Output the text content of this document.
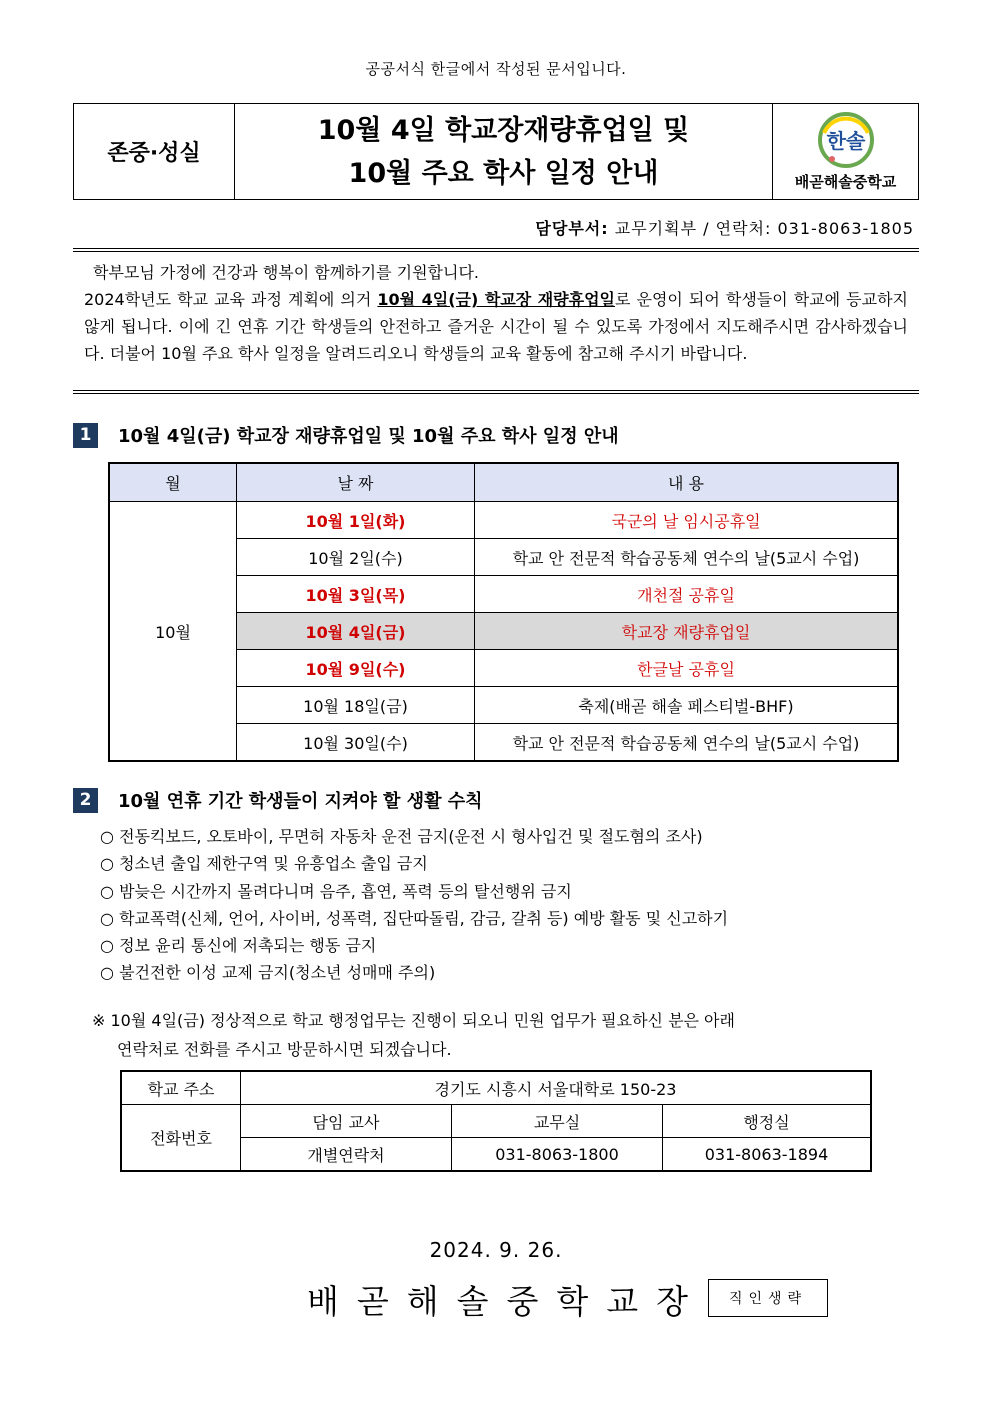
공공서식 한글에서 작성된 문서입니다.
존중·성실
10월 4일 학교장재량휴업일 및
10월 주요 학사 일정 안내
한솔
배곧해솔중학교
담당부서: 교무기획부 / 연락처: 031-8063-1805

학부모님 가정에 건강과 행복이 함께하기를 기원합니다.

2024학년도 학교 교육 과정 계획에 의거 10월 4일(금) 학교장 재량휴업일로 운영이 되어 학생들이 학교에 등교하지 않게 됩니다. 이에 긴 연휴 기간 학생들의 안전하고 즐거운 시간이 될 수 있도록 가정에서 지도해주시면 감사하겠습니다. 더불어 10월 주요 학사 일정을 알려드리오니 학생들의 교육 활동에 참고해 주시기 바랍니다.

1	10월 4일(금) 학교장 재량휴업일 및 10월 주요 학사 일정 안내
월	날 짜	내 용
10월	10월 1일(화)	국군의 날 임시공휴일
	10월 2일(수)	학교 안 전문적 학습공동체 연수의 날(5교시 수업)
	10월 3일(목)	개천절 공휴일
	10월 4일(금)	학교장 재량휴업일
	10월 9일(수)	한글날 공휴일
	10월 18일(금)	축제(배곧 해솔 페스티벌-BHF)
	10월 30일(수)	학교 안 전문적 학습공동체 연수의 날(5교시 수업)
2	10월 연휴 기간 학생들이 지켜야 할 생활 수칙
○ 전동킥보드, 오토바이, 무면허 자동차 운전 금지(운전 시 형사입건 및 절도혐의 조사)
○ 청소년 출입 제한구역 및 유흥업소 출입 금지
○ 밤늦은 시간까지 몰려다니며 음주, 흡연, 폭력 등의 탈선행위 금지
○ 학교폭력(신체, 언어, 사이버, 성폭력, 집단따돌림, 감금, 갈취 등) 예방 활동 및 신고하기
○ 정보 윤리 통신에 저촉되는 행동 금지
○ 불건전한 이성 교제 금지(청소년 성매매 주의)
※ 10월 4일(금) 정상적으로 학교 행정업무는 진행이 되오니 민원 업무가 필요하신 분은 아래
연락처로 전화를 주시고 방문하시면 되겠습니다.
학교 주소	경기도 시흥시 서울대학로 150-23		
전화번호	담임 교사	교무실	행정실
	개별연락처	031-8063-1800	031-8063-1894
2024. 9. 26.
배곧해솔중학교장	직인생략
